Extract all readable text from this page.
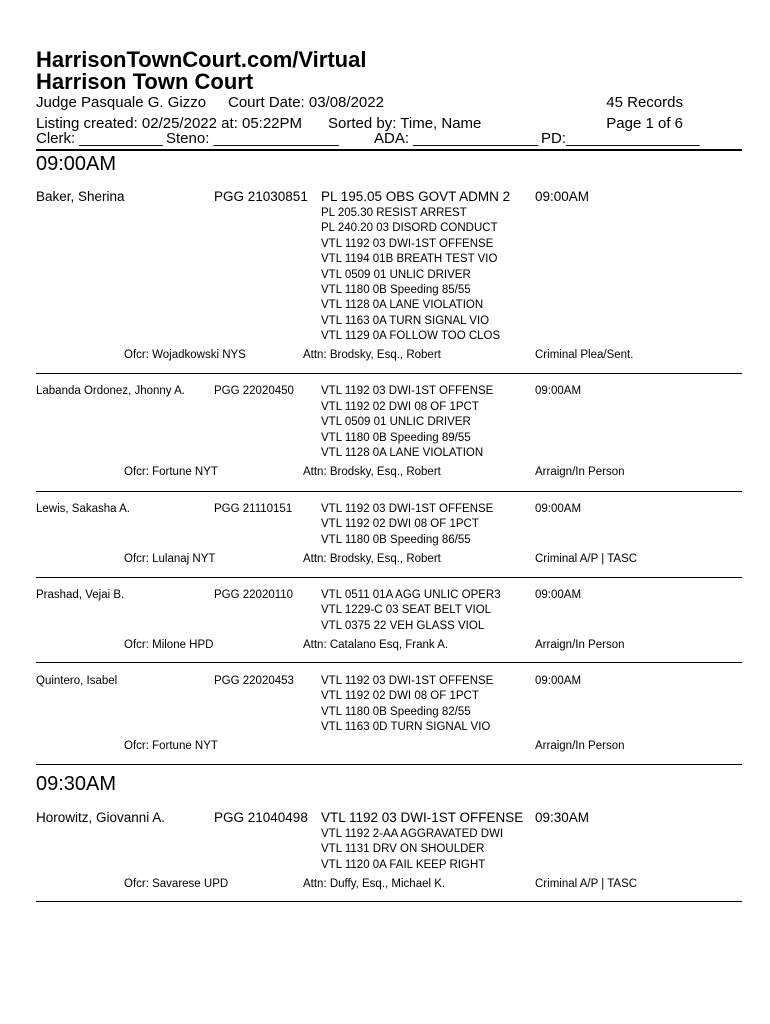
HarrisonTownCourt.com/Virtual
Harrison Town Court
Judge Pasquale G. Gizzo Court Date: 03/08/2022	45 Records
Listing created: 02/25/2022 at: 05:22PM Sorted by: Time, Name	Page 1 of 6
Clerk: __________ Steno: _______________ ADA: _______________ PD:________________
09:00AM
Baker, Sherina	PGG 21030851 PL 195.05 OBS GOVT ADMN 2
PL 205.30 RESIST ARREST
PL 240.20 03 DISORD CONDUCT
VTL 1192 03 DWI-1ST OFFENSE
VTL 1194 01B BREATH TEST VIO
VTL 0509 01 UNLIC DRIVER
VTL 1180 0B Speeding 85/55
VTL 1128 0A LANE VIOLATION
VTL 1163 0A TURN SIGNAL VIO
VTL 1129 0A FOLLOW TOO CLOS
09:00AM
Ofcr: Wojadkowski NYS	Attn: Brodsky, Esq., Robert	Criminal Plea/Sent.
Labanda Ordonez, Jhonny A.	PGG 22020450 VTL 1192 03 DWI-1ST OFFENSE
VTL 1192 02 DWI 08 OF 1PCT
VTL 0509 01 UNLIC DRIVER
VTL 1180 0B Speeding 89/55
VTL 1128 0A LANE VIOLATION
09:00AM
Ofcr: Fortune NYT	Attn: Brodsky, Esq., Robert	Arraign/In Person
Lewis, Sakasha A.	PGG 21110151	VTL 1192 03 DWI-1ST OFFENSE
VTL 1192 02 DWI 08 OF 1PCT
VTL 1180 0B Speeding 86/55
09:00AM
Ofcr: Lulanaj NYT	Attn: Brodsky, Esq., Robert	Criminal A/P | TASC
Prashad, Vejai B.	PGG 22020110 VTL 0511 01A AGG UNLIC OPER3
VTL 1229-C 03 SEAT BELT VIOL
VTL 0375 22 VEH GLASS VIOL
09:00AM
Ofcr: Milone HPD	Attn: Catalano Esq, Frank A.	Arraign/In Person
Quintero, Isabel	PGG 22020453 VTL 1192 03 DWI-1ST OFFENSE
VTL 1192 02 DWI 08 OF 1PCT
VTL 1180 0B Speeding 82/55
VTL 1163 0D TURN SIGNAL VIO
09:00AM
Ofcr: Fortune NYT	Arraign/In Person
09:30AM
Horowitz, Giovanni A.	PGG 21040498 VTL 1192 03 DWI-1ST OFFENSE
VTL 1192 2-AA AGGRAVATED DWI
VTL 1131 DRV ON SHOULDER
VTL 1120 0A FAIL KEEP RIGHT
09:30AM
Ofcr: Savarese UPD	Attn: Duffy, Esq., Michael K.	Criminal A/P | TASC
